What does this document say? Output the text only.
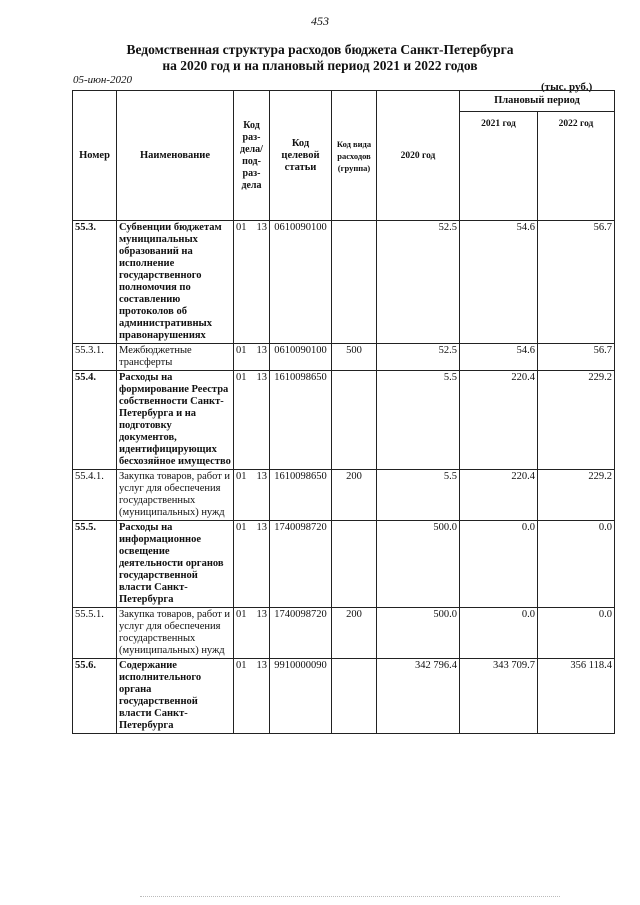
453
Ведомственная структура расходов бюджета Санкт-Петербурга
на 2020 год и на плановый период 2021 и 2022 годов
05-июн-2020
(тыс. руб.)
Номер	Наименование	Код раз- дела/ под- раз- дела	Код целевой статьи	Код вида расходов (группа)	2020 год	Плановый период	
						2021 год	2022 год
55.3.	Субвенции бюджетам муниципальных образований на исполнение государственного полномочия по составлению протоколов об административных правонарушениях	01 13	0610090100		52.5	54.6	56.7
55.3.1.	Межбюджетные трансферты	01 13	0610090100	500	52.5	54.6	56.7
55.4.	Расходы на формирование Реестра собственности Санкт-Петербурга и на подготовку документов, идентифицирующих бесхозяйное имущество	01 13	1610098650		5.5	220.4	229.2
55.4.1.	Закупка товаров, работ и услуг для обеспечения государственных (муниципальных) нужд	01 13	1610098650	200	5.5	220.4	229.2
55.5.	Расходы на информационное освещение деятельности органов государственной власти Санкт-Петербурга	01 13	1740098720		500.0	0.0	0.0
55.5.1.	Закупка товаров, работ и услуг для обеспечения государственных (муниципальных) нужд	01 13	1740098720	200	500.0	0.0	0.0
55.6.	Содержание исполнительного органа государственной власти Санкт-Петербурга	01 13	9910000090		342 796.4	343 709.7	356 118.4
